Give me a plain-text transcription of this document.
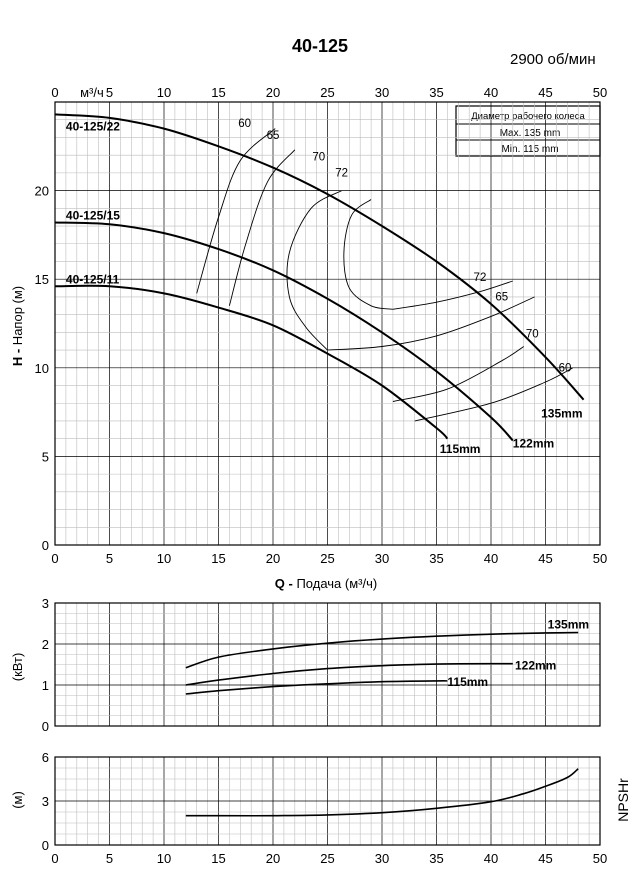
40-125
2900 об/мин
Диаметр рабочего колеса
Max. 135 mm
Min. 115 mm
Q - Подача (м³/ч)
H - Напор (м)
(кВт)
(м)	NPSHr
0	5	10	15	20	25	30	35	40	45	50
0	5	10	15	20	25	30	35	40	45	50
м³/ч
0
5
10
15
20
40-125/22
40-125/15
40-125/11
135mm
122mm
115mm
60
60
65
65
70
70
72
72
0
1
2
3
135mm
122mm
115mm
0
3
6
0	5	10	15	20	25	30	35	40	45	50
